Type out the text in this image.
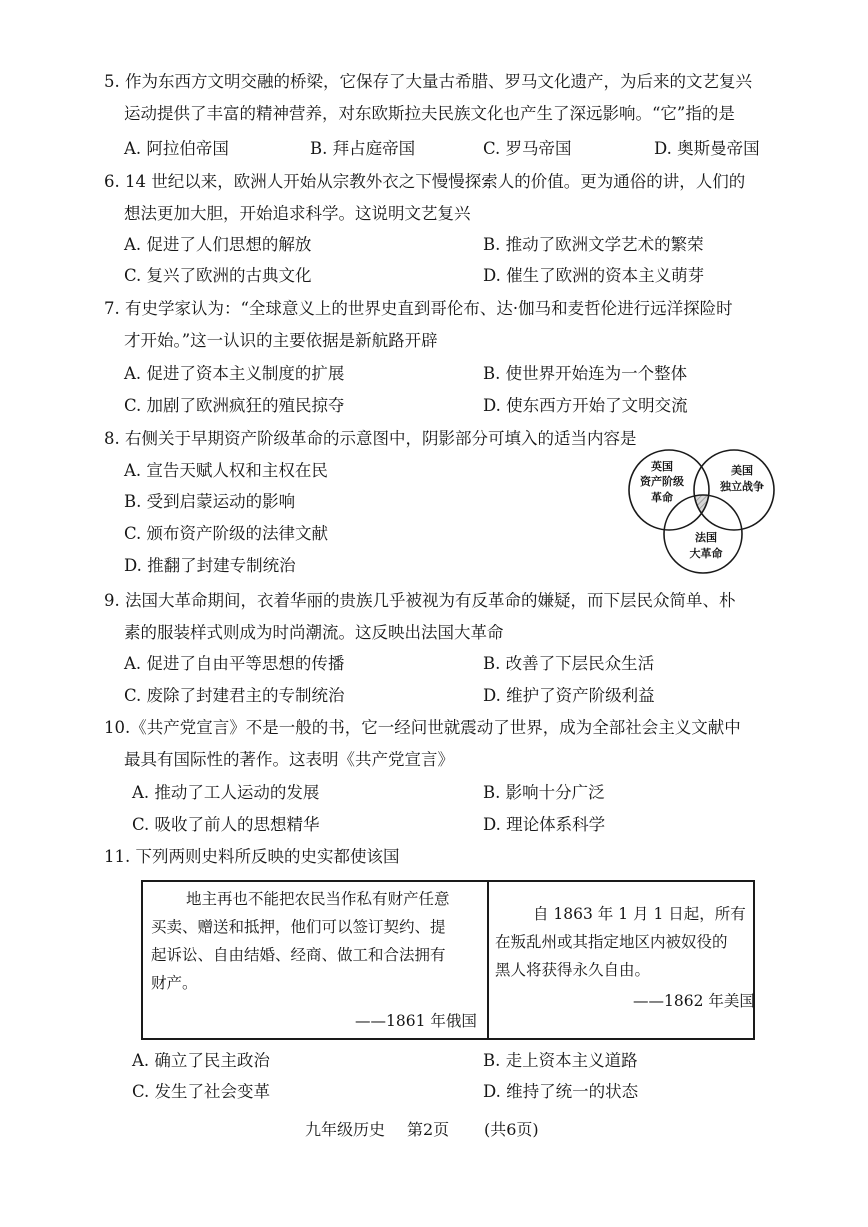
5. 作为东西方文明交融的桥梁，它保存了大量古希腊、罗马文化遗产，为后来的文艺复兴
运动提供了丰富的精神营养，对东欧斯拉夫民族文化也产生了深远影响。“它”指的是
A. 阿拉伯帝国	B. 拜占庭帝国	C. 罗马帝国	D. 奥斯曼帝国
6. 14 世纪以来，欧洲人开始从宗教外衣之下慢慢探索人的价值。更为通俗的讲，人们的
想法更加大胆，开始追求科学。这说明文艺复兴
A. 促进了人们思想的解放	B. 推动了欧洲文学艺术的繁荣
C. 复兴了欧洲的古典文化	D. 催生了欧洲的资本主义萌芽
7. 有史学家认为：“全球意义上的世界史直到哥伦布、达·伽马和麦哲伦进行远洋探险时
才开始。”这一认识的主要依据是新航路开辟
A. 促进了资本主义制度的扩展	B. 使世界开始连为一个整体
C. 加剧了欧洲疯狂的殖民掠夺	D. 使东西方开始了文明交流
8. 右侧关于早期资产阶级革命的示意图中，阴影部分可填入的适当内容是
A. 宣告天赋人权和主权在民
B. 受到启蒙运动的影响
C. 颁布资产阶级的法律文献
D. 推翻了封建专制统治
英国
资产阶级
革命
美国
独立战争
法国
大革命
9. 法国大革命期间，衣着华丽的贵族几乎被视为有反革命的嫌疑，而下层民众简单、朴
素的服装样式则成为时尚潮流。这反映出法国大革命
A. 促进了自由平等思想的传播	B. 改善了下层民众生活
C. 废除了封建君主的专制统治	D. 维护了资产阶级利益
10.《共产党宣言》不是一般的书，它一经问世就震动了世界，成为全部社会主义文献中
最具有国际性的著作。这表明《共产党宣言》
A. 推动了工人运动的发展	B. 影响十分广泛
C. 吸收了前人的思想精华	D. 理论体系科学
11. 下列两则史料所反映的史实都使该国
地主再也不能把农民当作私有财产任意
买卖、赠送和抵押，他们可以签订契约、提
起诉讼、自由结婚、经商、做工和合法拥有
财产。
——1861 年俄国
自 1863 年 1 月 1 日起，所有
在叛乱州或其指定地区内被奴役的
黑人将获得永久自由。
——1862 年美国
A. 确立了民主政治	B. 走上资本主义道路
C. 发生了社会变革	D. 维持了统一的状态
九年级历史 第2页 (共6页)
